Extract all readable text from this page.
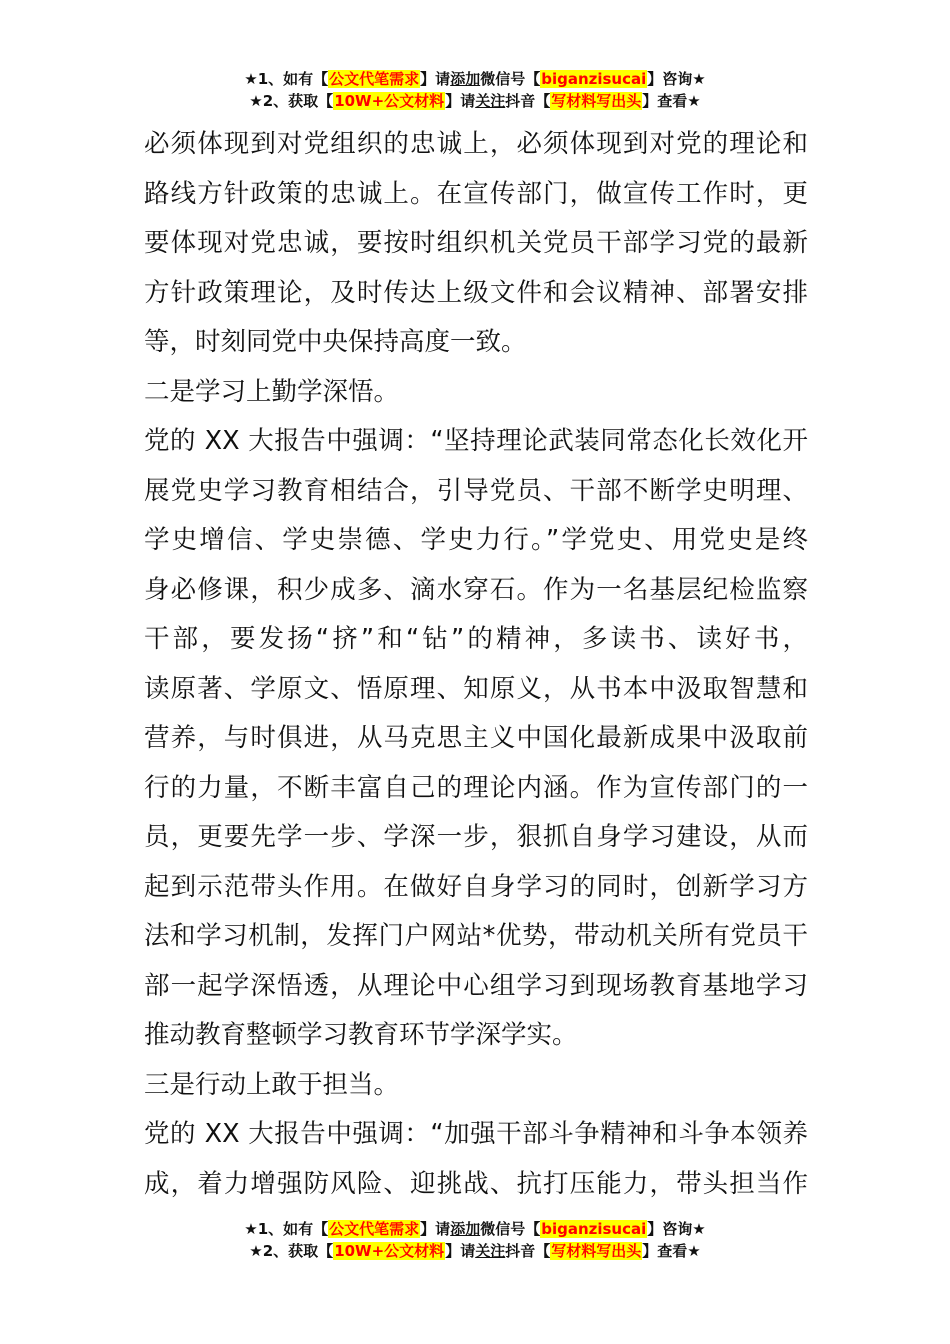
★1、如有【公文代笔需求】请添加微信号【biganzisucai】咨询★
★2、获取【10W+公文材料】请关注抖音【写材料写出头】查看★
必须体现到对党组织的忠诚上，必须体现到对党的理论和
路线方针政策的忠诚上。在宣传部门，做宣传工作时，更
要体现对党忠诚，要按时组织机关党员干部学习党的最新
方针政策理论，及时传达上级文件和会议精神、部署安排
等，时刻同党中央保持高度一致。
二是学习上勤学深悟。
党的 XX 大报告中强调：“坚持理论武装同常态化长效化开
展党史学习教育相结合，引导党员、干部不断学史明理、
学史增信、学史崇德、学史力行。”学党史、用党史是终
身必修课，积少成多、滴水穿石。作为一名基层纪检监察
干部，要发扬“挤”和“钻”的精神，多读书、读好书，
读原著、学原文、悟原理、知原义，从书本中汲取智慧和
营养，与时俱进，从马克思主义中国化最新成果中汲取前
行的力量，不断丰富自己的理论内涵。作为宣传部门的一
员，更要先学一步、学深一步，狠抓自身学习建设，从而
起到示范带头作用。在做好自身学习的同时，创新学习方
法和学习机制，发挥门户网站*优势，带动机关所有党员干
部一起学深悟透，从理论中心组学习到现场教育基地学习
推动教育整顿学习教育环节学深学实。
三是行动上敢于担当。
党的 XX 大报告中强调：“加强干部斗争精神和斗争本领养
成，着力增强防风险、迎挑战、抗打压能力，带头担当作
★1、如有【公文代笔需求】请添加微信号【biganzisucai】咨询★
★2、获取【10W+公文材料】请关注抖音【写材料写出头】查看★
